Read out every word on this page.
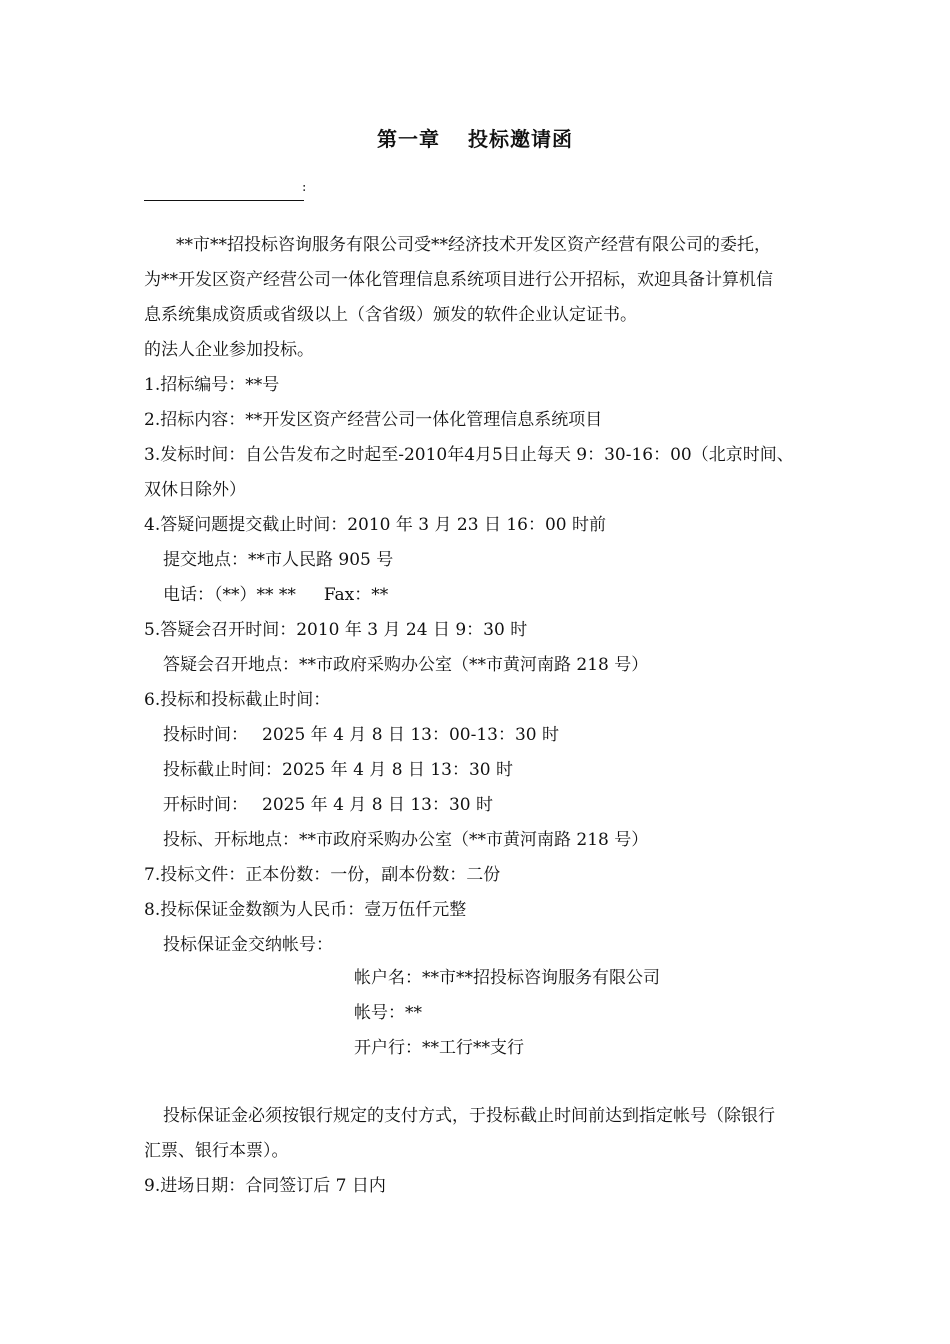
第一章 投标邀请函
:
**市**招投标咨询服务有限公司受**经济技术开发区资产经营有限公司的委托，
为**开发区资产经营公司一体化管理信息系统项目进行公开招标，欢迎具备计算机信
息系统集成资质或省级以上（含省级）颁发的软件企业认定证书。
的法人企业参加投标。
1.招标编号：**号
2.招标内容：**开发区资产经营公司一体化管理信息系统项目
3.发标时间：自公告发布之时起至-2010年4月5日止每天 9：30-16：00（北京时间、
双休日除外）
4.答疑问题提交截止时间：2010 年 3 月 23 日 16：00 时前
提交地点：**市人民路 905 号
电话：（**）** ** Fax：**
5.答疑会召开时间：2010 年 3 月 24 日 9：30 时
答疑会召开地点：**市政府采购办公室（**市黄河南路 218 号）
6.投标和投标截止时间：
投标时间： 2025 年 4 月 8 日 13：00-13：30 时
投标截止时间：2025 年 4 月 8 日 13：30 时
开标时间： 2025 年 4 月 8 日 13：30 时
投标、开标地点：**市政府采购办公室（**市黄河南路 218 号）
7.投标文件：正本份数：一份，副本份数：二份
8.投标保证金数额为人民币：壹万伍仟元整
投标保证金交纳帐号：
帐户名：**市**招投标咨询服务有限公司
帐号：**
开户行：**工行**支行
投标保证金必须按银行规定的支付方式，于投标截止时间前达到指定帐号（除银行
汇票、银行本票）。
9.进场日期：合同签订后 7 日内
